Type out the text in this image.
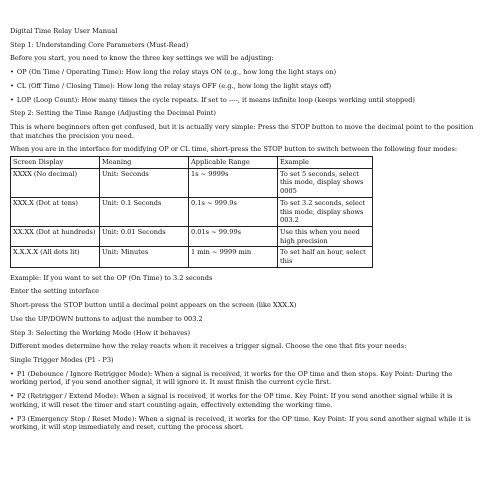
Digital Time Relay User Manual

Step 1: Understanding Core Parameters (Must-Read)

Before you start, you need to know the three key settings we will be adjusting:

• OP (On Time / Operating Time): How long the relay stays ON (e.g., how long the light stays on)

• CL (Off Time / Closing Time): How long the relay stays OFF (e.g., how long the light stays off)

• LOP (Loop Count): How many times the cycle repeats. If set to ----, it means infinite loop (keeps working until stopped)

Step 2: Setting the Time Range (Adjusting the Decimal Point)

This is where beginners often get confused, but it is actually very simple: Press the STOP button to move the decimal point to the position that matches the precision you need.

When you are in the interface for modifying OP or CL time, short-press the STOP button to switch between the following four modes:

Screen Display	Meaning	Applicable Range	Example
XXXX (No decimal)	Unit: Seconds	1s ~ 9999s	To set 5 seconds, select this mode, display shows 0005
XXX.X (Dot at tens)	Unit: 0.1 Seconds	0.1s ~ 999.9s	To set 3.2 seconds, select this mode, display shows 003.2
XX.XX (Dot at hundreds)	Unit: 0.01 Seconds	0.01s ~ 99.99s	Use this when you need high precision
X.X.X.X (All dots lit)	Unit: Minutes	1 min ~ 9999 min	To set half an hour, select this

Example: If you want to set the OP (On Time) to 3.2 seconds

Enter the setting interface

Short-press the STOP button until a decimal point appears on the screen (like XXX.X)

Use the UP/DOWN buttons to adjust the number to 003.2

Step 3: Selecting the Working Mode (How it behaves)

Different modes determine how the relay reacts when it receives a trigger signal. Choose the one that fits your needs:

Single Trigger Modes (P1 - P3)

• P1 (Debounce / Ignore Retrigger Mode): When a signal is received, it works for the OP time and then stops. Key Point: During the working period, if you send another signal, it will ignore it. It must finish the current cycle first.

• P2 (Retrigger / Extend Mode): When a signal is received, it works for the OP time. Key Point: If you send another signal while it is working, it will reset the timer and start counting again, effectively extending the working time.

• P3 (Emergency Stop / Reset Mode): When a signal is received, it works for the OP time. Key Point: If you send another signal while it is working, it will stop immediately and reset, cutting the process short.
